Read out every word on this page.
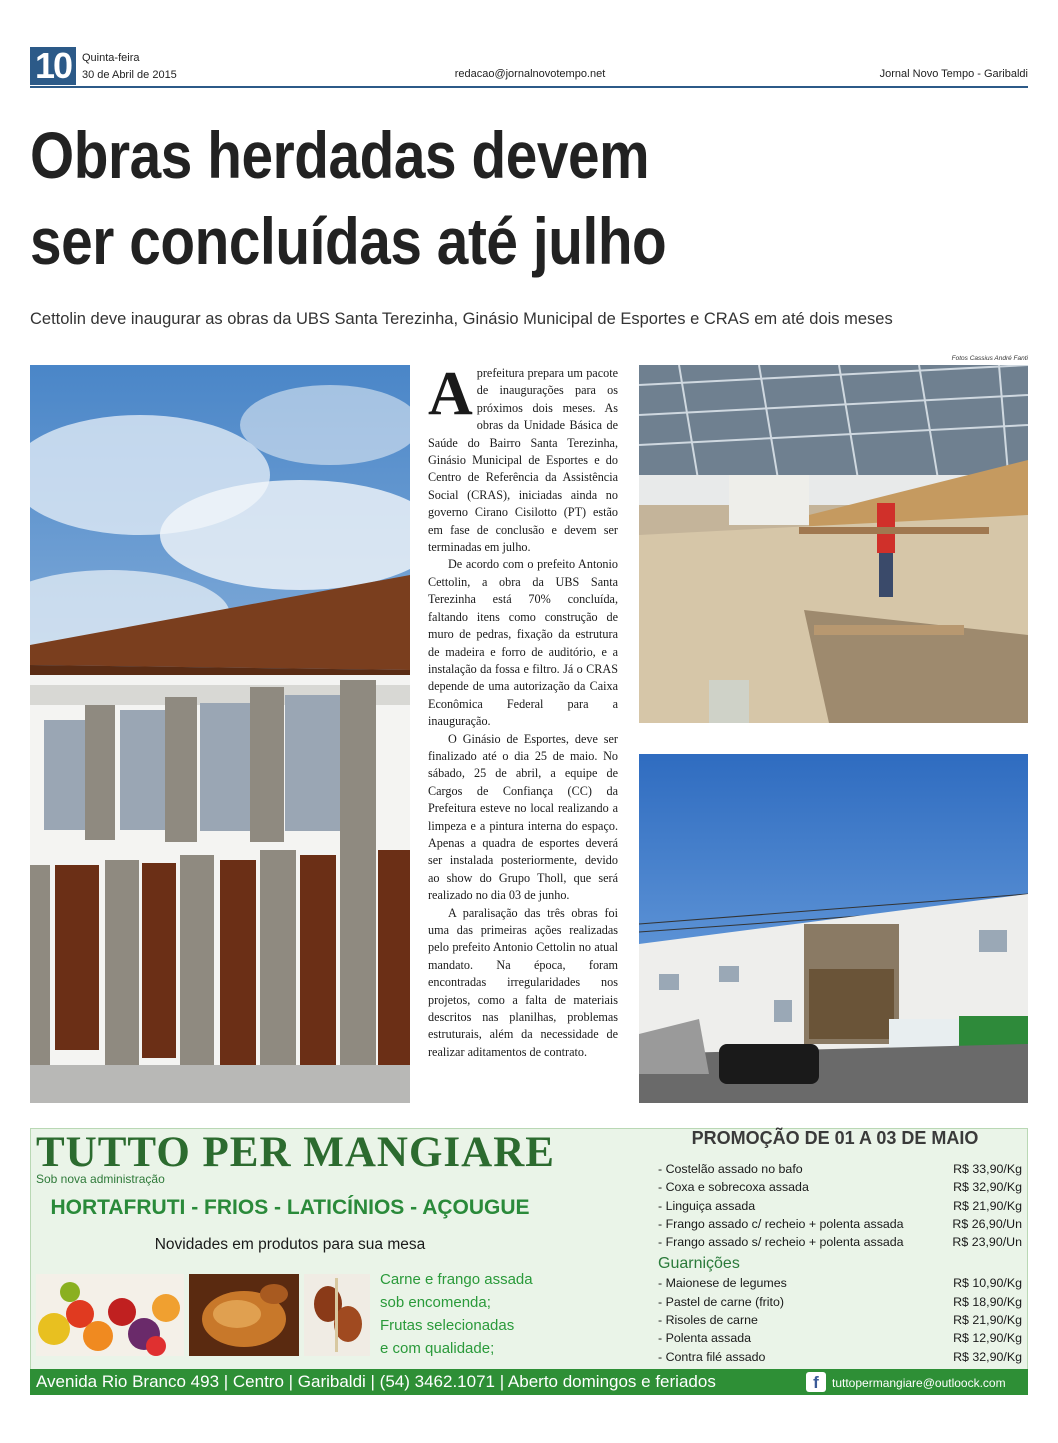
10 Quinta-feira
30 de Abril de 2015	redacao@jornalnovotempo.net	Jornal Novo Tempo - Garibaldi
Obras herdadas devem
ser concluídas até julho
Cettolin deve inaugurar as obras da UBS Santa Terezinha, Ginásio Municipal de Esportes e CRAS em até dois meses
Fotos Cassius André Fanti

Aprefeitura prepara um pacote de inaugurações para os próximos dois meses. As obras da Unidade Básica de Saúde do Bairro Santa Terezinha, Ginásio Municipal de Esportes e do Centro de Referência da Assistência Social (CRAS), iniciadas ainda no governo Cirano Cisilotto (PT) estão em fase de conclusão e devem ser terminadas em julho.

De acordo com o prefeito Antonio Cettolin, a obra da UBS Santa Terezinha está 70% concluída, faltando itens como construção de muro de pedras, fixação da estrutura de madeira e forro de auditório, e a instalação da fossa e filtro. Já o CRAS depende de uma autorização da Caixa Econômica Federal para a inauguração.

O Ginásio de Esportes, deve ser finalizado até o dia 25 de maio. No sábado, 25 de abril, a equipe de Cargos de Confiança (CC) da Prefeitura esteve no local realizando a limpeza e a pintura interna do espaço. Apenas a quadra de esportes deverá ser instalada posteriormente, devido ao show do Grupo Tholl, que será realizado no dia 03 de junho.

A paralisação das três obras foi uma das primeiras ações realizadas pelo prefeito Antonio Cettolin no atual mandato. Na época, foram encontradas irregularidades nos projetos, como a falta de materiais descritos nas planilhas, problemas estruturais, além da necessidade de realizar aditamentos de contrato.

TUTTO PER MANGIARE
Sob nova administração
HORTAFRUTI - FRIOS - LATICÍNIOS - AÇOUGUE
Novidades em produtos para sua mesa
Carne e frango assada
sob encomenda;
Frutas selecionadas
e com qualidade;
PROMOÇÃO DE 01 A 03 DE MAIO
- Costelão assado no bafo	R$ 33,90/Kg
- Coxa e sobrecoxa assada	R$ 32,90/Kg
- Linguiça assada	R$ 21,90/Kg
- Frango assado c/ recheio + polenta assada	R$ 26,90/Un
- Frango assado s/ recheio + polenta assada	R$ 23,90/Un
Guarnições
- Maionese de legumes	R$ 10,90/Kg
- Pastel de carne (frito)	R$ 18,90/Kg
- Risoles de carne	R$ 21,90/Kg
- Polenta assada	R$ 12,90/Kg
- Contra filé assado	R$ 32,90/Kg
Avenida Rio Branco 493 | Centro | Garibaldi | (54) 3462.1071 | Aberto domingos e feriados	f	tuttopermangiare@outloock.com
